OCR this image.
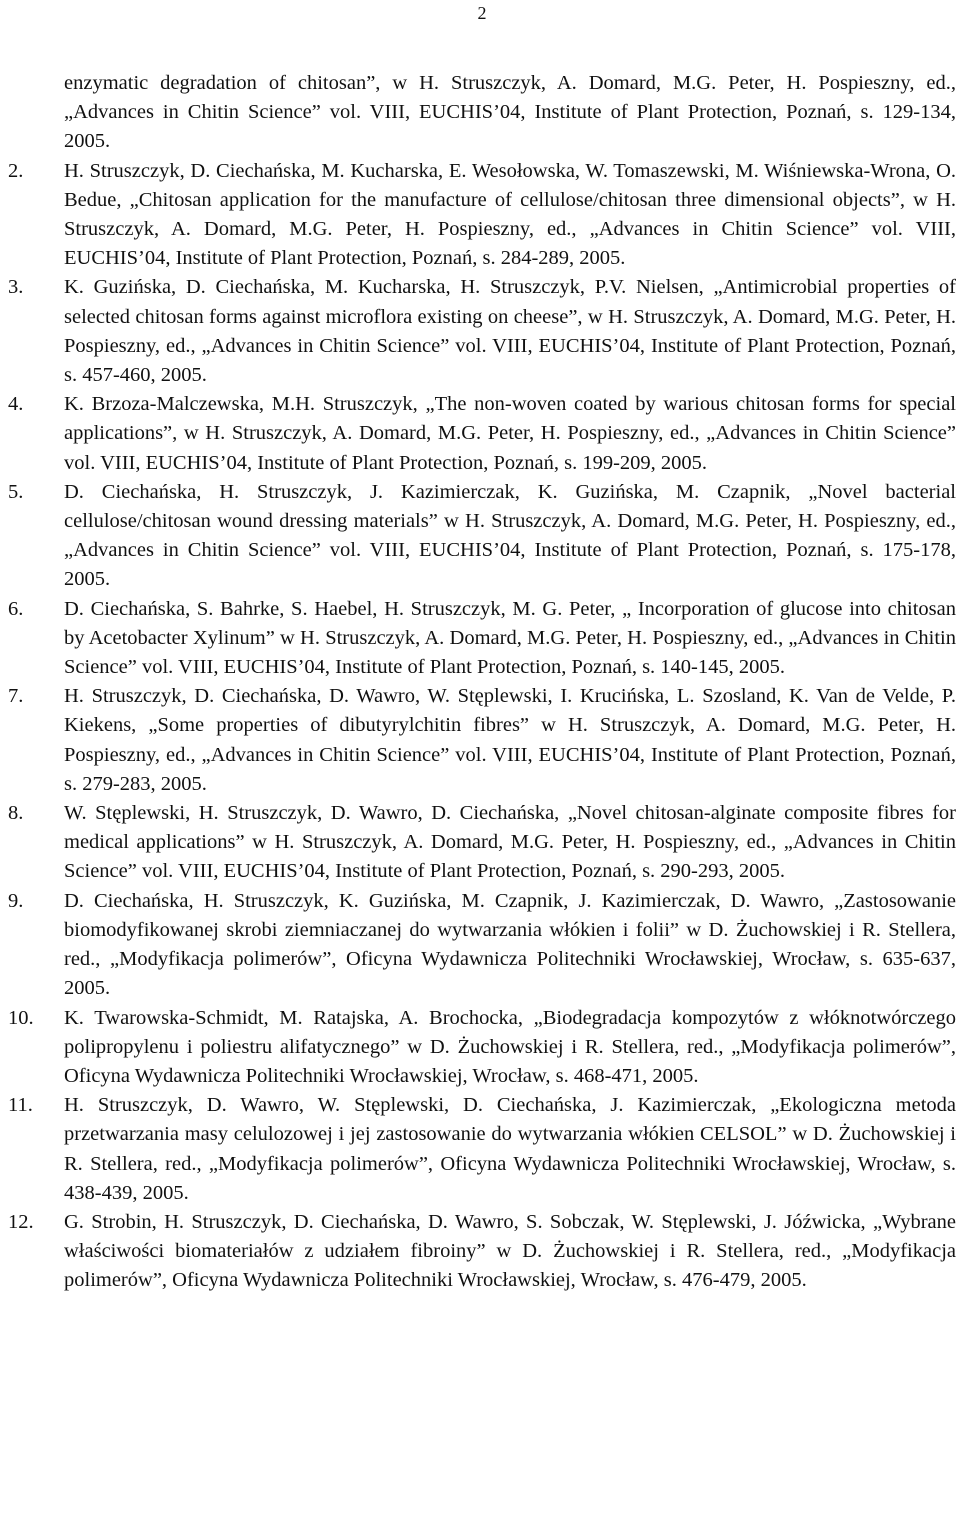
2
enzymatic degradation of chitosan”, w H. Struszczyk, A. Domard, M.G. Peter, H. Pospieszny, ed., „Advances in Chitin Science” vol. VIII, EUCHIS’04, Institute of Plant Protection, Poznań, s. 129-134, 2005.
2.	H. Struszczyk, D. Ciechańska, M. Kucharska, E. Wesołowska, W. Tomaszewski, M. Wiśniewska-Wrona, O. Bedue, „Chitosan application for the manufacture of cellulose/chitosan three dimensional objects”, w H. Struszczyk, A. Domard, M.G. Peter, H. Pospieszny, ed., „Advances in Chitin Science” vol. VIII, EUCHIS’04, Institute of Plant Protection, Poznań, s. 284-289, 2005.
3.	K. Guzińska, D. Ciechańska, M. Kucharska, H. Struszczyk, P.V. Nielsen, „Antimicrobial properties of selected chitosan forms against microflora existing on cheese”, w H. Struszczyk, A. Domard, M.G. Peter, H. Pospieszny, ed., „Advances in Chitin Science” vol. VIII, EUCHIS’04, Institute of Plant Protection, Poznań, s. 457-460, 2005.
4.	K. Brzoza-Malczewska, M.H. Struszczyk, „The non-woven coated by warious chitosan forms for special applications”, w H. Struszczyk, A. Domard, M.G. Peter, H. Pospieszny, ed., „Advances in Chitin Science” vol. VIII, EUCHIS’04, Institute of Plant Protection, Poznań, s. 199-209, 2005.
5.	D. Ciechańska, H. Struszczyk, J. Kazimierczak, K. Guzińska, M. Czapnik, „Novel bacterial cellulose/chitosan wound dressing materials” w H. Struszczyk, A. Domard, M.G. Peter, H. Pospieszny, ed., „Advances in Chitin Science” vol. VIII, EUCHIS’04, Institute of Plant Protection, Poznań, s. 175-178, 2005.
6.	D. Ciechańska, S. Bahrke, S. Haebel, H. Struszczyk, M. G. Peter, „ Incorporation of glucose into chitosan by Acetobacter Xylinum” w H. Struszczyk, A. Domard, M.G. Peter, H. Pospieszny, ed., „Advances in Chitin Science” vol. VIII, EUCHIS’04, Institute of Plant Protection, Poznań, s. 140-145, 2005.
7.	H. Struszczyk, D. Ciechańska, D. Wawro, W. Stęplewski, I. Krucińska, L. Szosland, K. Van de Velde, P. Kiekens, „Some properties of dibutyrylchitin fibres” w H. Struszczyk, A. Domard, M.G. Peter, H. Pospieszny, ed., „Advances in Chitin Science” vol. VIII, EUCHIS’04, Institute of Plant Protection, Poznań, s. 279-283, 2005.
8.	W. Stęplewski, H. Struszczyk, D. Wawro, D. Ciechańska, „Novel chitosan-alginate composite fibres for medical applications” w H. Struszczyk, A. Domard, M.G. Peter, H. Pospieszny, ed., „Advances in Chitin Science” vol. VIII, EUCHIS’04, Institute of Plant Protection, Poznań, s. 290-293, 2005.
9.	D. Ciechańska, H. Struszczyk, K. Guzińska, M. Czapnik, J. Kazimierczak, D. Wawro, „Zastosowanie biomodyfikowanej skrobi ziemniaczanej do wytwarzania włókien i folii” w D. Żuchowskiej i R. Stellera, red., „Modyfikacja polimerów”, Oficyna Wydawnicza Politechniki Wrocławskiej, Wrocław, s. 635-637, 2005.
10.	K. Twarowska-Schmidt, M. Ratajska, A. Brochocka, „Biodegradacja kompozytów z włóknotwórczego polipropylenu i poliestru alifatycznego” w D. Żuchowskiej i R. Stellera, red., „Modyfikacja polimerów”, Oficyna Wydawnicza Politechniki Wrocławskiej, Wrocław, s. 468-471, 2005.
11.	H. Struszczyk, D. Wawro, W. Stęplewski, D. Ciechańska, J. Kazimierczak, „Ekologiczna metoda przetwarzania masy celulozowej i jej zastosowanie do wytwarzania włókien CELSOL” w D. Żuchowskiej i R. Stellera, red., „Modyfikacja polimerów”, Oficyna Wydawnicza Politechniki Wrocławskiej, Wrocław, s. 438-439, 2005.
12.	G. Strobin, H. Struszczyk, D. Ciechańska, D. Wawro, S. Sobczak, W. Stęplewski, J. Jóźwicka, „Wybrane właściwości biomateriałów z udziałem fibroiny” w D. Żuchowskiej i R. Stellera, red., „Modyfikacja polimerów”, Oficyna Wydawnicza Politechniki Wrocławskiej, Wrocław, s. 476-479, 2005.
